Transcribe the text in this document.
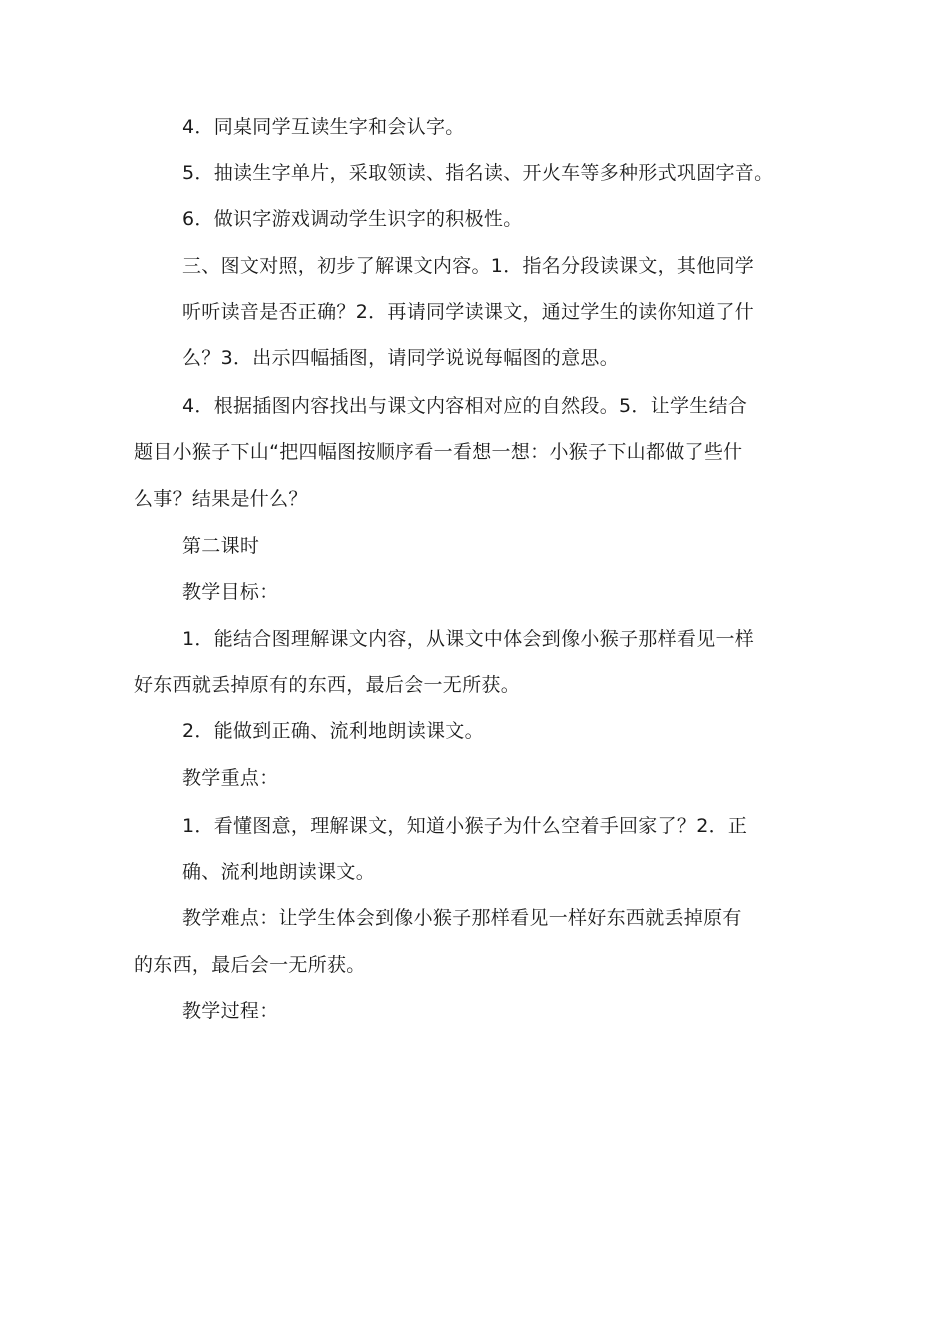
4．同桌同学互读生字和会认字。
5．抽读生字单片，采取领读、指名读、开火车等多种形式巩固字音。
6．做识字游戏调动学生识字的积极性。
三、图文对照，初步了解课文内容。1．指名分段读课文，其他同学
听听读音是否正确？2．再请同学读课文，通过学生的读你知道了什
么？3．出示四幅插图，请同学说说每幅图的意思。
4．根据插图内容找出与课文内容相对应的自然段。5．让学生结合
题目小猴子下山“把四幅图按顺序看一看想一想：小猴子下山都做了些什
么事？结果是什么？
第二课时
教学目标：
1．能结合图理解课文内容，从课文中体会到像小猴子那样看见一样
好东西就丢掉原有的东西，最后会一无所获。
2．能做到正确、流利地朗读课文。
教学重点：
1．看懂图意，理解课文，知道小猴子为什么空着手回家了？2．正
确、流利地朗读课文。
教学难点：让学生体会到像小猴子那样看见一样好东西就丢掉原有
的东西，最后会一无所获。
教学过程：
